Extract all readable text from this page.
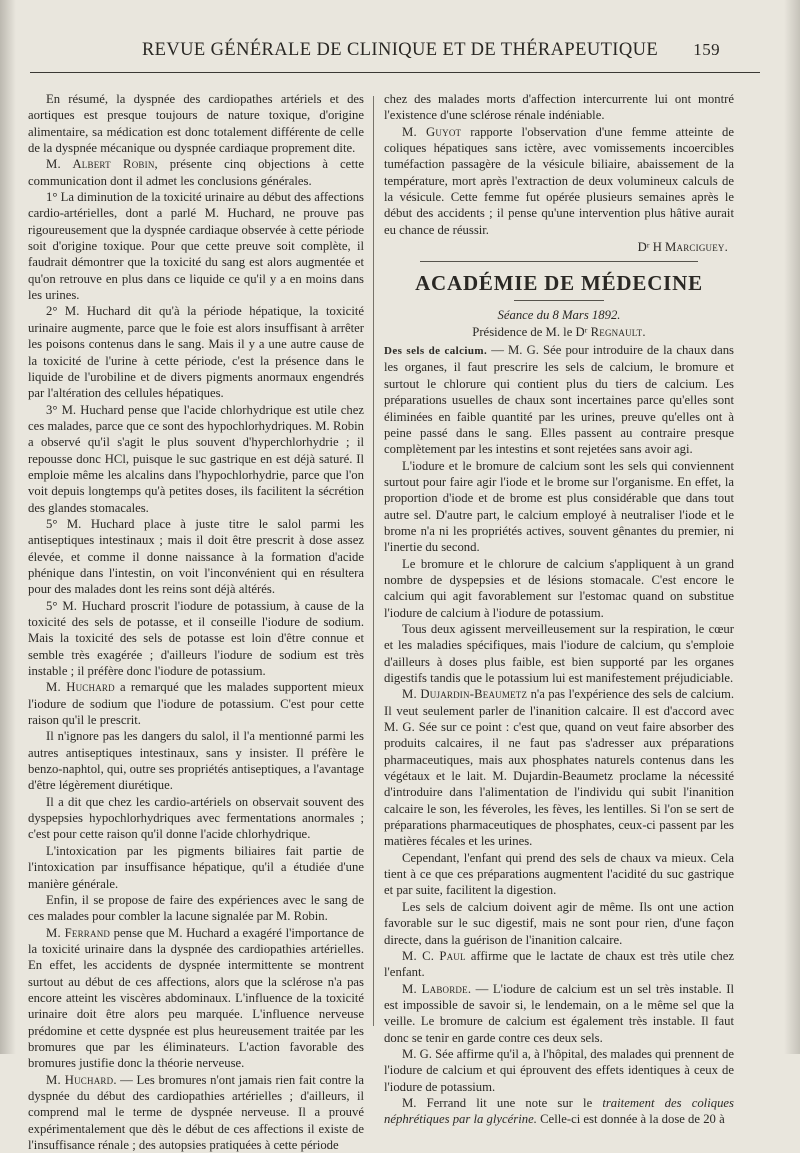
REVUE GÉNÉRALE DE CLINIQUE ET DE THÉRAPEUTIQUE 159

En résumé, la dyspnée des cardiopathes artériels et des aortiques est presque toujours de nature toxique, d'origine alimentaire, sa médication est donc totalement différente de celle de la dyspnée mécanique ou dyspnée cardiaque proprement dite.

M. Albert Robin, présente cinq objections à cette communication dont il admet les conclusions générales.

1° La diminution de la toxicité urinaire au début des affections cardio-artérielles, dont a parlé M. Huchard, ne prouve pas rigoureusement que la dyspnée cardiaque observée à cette période soit d'origine toxique. Pour que cette preuve soit complète, il faudrait démontrer que la toxicité du sang est alors augmentée et qu'on retrouve en plus dans ce liquide ce qu'il y a en moins dans les urines.

2° M. Huchard dit qu'à la période hépatique, la toxicité urinaire augmente, parce que le foie est alors insuffisant à arrêter les poisons contenus dans le sang. Mais il y a une autre cause de la toxicité de l'urine à cette période, c'est la présence dans le liquide de l'urobiline et de divers pigments anormaux engendrés par l'altération des cellules hépatiques.

3° M. Huchard pense que l'acide chlorhydrique est utile chez ces malades, parce que ce sont des hypochlorhydriques. M. Robin a observé qu'il s'agit le plus souvent d'hyperchlorhydrie ; il repousse donc HCl, puisque le suc gastrique en est déjà saturé. Il emploie même les alcalins dans l'hypochlorhydrie, parce que l'on voit depuis longtemps qu'à petites doses, ils facilitent la sécrétion des glandes stomacales.

5° M. Huchard place à juste titre le salol parmi les antiseptiques intestinaux ; mais il doit être prescrit à dose assez élevée, et comme il donne naissance à la formation d'acide phénique dans l'intestin, on voit l'inconvénient qui en résultera pour des malades dont les reins sont déjà altérés.

5° M. Huchard proscrit l'iodure de potassium, à cause de la toxicité des sels de potasse, et il conseille l'iodure de sodium. Mais la toxicité des sels de potasse est loin d'être connue et semble très exagérée ; d'ailleurs l'iodure de sodium est très instable ; il préfère donc l'iodure de potassium.

M. Huchard a remarqué que les malades supportent mieux l'iodure de sodium que l'iodure de potassium. C'est pour cette raison qu'il le prescrit.

Il n'ignore pas les dangers du salol, il l'a mentionné parmi les autres antiseptiques intestinaux, sans y insister. Il préfère le benzo-naphtol, qui, outre ses propriétés antiseptiques, a l'avantage d'être légèrement diurétique.

Il a dit que chez les cardio-artériels on observait souvent des dyspepsies hypochlorhydriques avec fermentations anormales ; c'est pour cette raison qu'il donne l'acide chlorhydrique.

L'intoxication par les pigments biliaires fait partie de l'intoxication par insuffisance hépatique, qu'il a étudiée d'une manière générale.

Enfin, il se propose de faire des expériences avec le sang de ces malades pour combler la lacune signalée par M. Robin.

M. Ferrand pense que M. Huchard a exagéré l'importance de la toxicité urinaire dans la dyspnée des cardiopathies artérielles. En effet, les accidents de dyspnée intermittente se montrent surtout au début de ces affections, alors que la sclérose n'a pas encore atteint les viscères abdominaux. L'influence de la toxicité urinaire doit être alors peu marquée. L'influence nerveuse prédomine et cette dyspnée est plus heureusement traitée par les bromures que par les éliminateurs. L'action favorable des bromures justifie donc la théorie nerveuse.

M. Huchard. — Les bromures n'ont jamais rien fait contre la dyspnée du début des cardiopathies artérielles ; d'ailleurs, il comprend mal le terme de dyspnée nerveuse. Il a prouvé expérimentalement que dès le début de ces affections il existe de l'insuffisance rénale ; des autopsies pratiquées à cette période

chez des malades morts d'affection intercurrente lui ont montré l'existence d'une sclérose rénale indéniable.

M. Guyot rapporte l'observation d'une femme atteinte de coliques hépatiques sans ictère, avec vomissements incoercibles tuméfaction passagère de la vésicule biliaire, abaissement de la température, mort après l'extraction de deux volumineux calculs de la vésicule. Cette femme fut opérée plusieurs semaines après le début des accidents ; il pense qu'une intervention plus hâtive aurait eu chance de réussir.

Dʳ H Marciguey.
ACADÉMIE DE MÉDECINE
Séance du 8 Mars 1892.
Présidence de M. le Dʳ Regnault.

Des sels de calcium. — M. G. Sée pour introduire de la chaux dans les organes, il faut prescrire les sels de calcium, le bromure et surtout le chlorure qui contient plus du tiers de calcium. Les préparations usuelles de chaux sont incertaines parce qu'elles sont éliminées en faible quantité par les urines, preuve qu'elles ont à peine passé dans le sang. Elles passent au contraire presque complètement par les intestins et sont rejetées sans avoir agi.

L'iodure et le bromure de calcium sont les sels qui conviennent surtout pour faire agir l'iode et le brome sur l'organisme. En effet, la proportion d'iode et de brome est plus considérable que dans tout autre sel. D'autre part, le calcium employé à neutraliser l'iode et le brome n'a ni les propriétés actives, souvent gênantes du premier, ni l'inertie du second.

Le bromure et le chlorure de calcium s'appliquent à un grand nombre de dyspepsies et de lésions stomacale. C'est encore le calcium qui agit favorablement sur l'estomac quand on substitue l'iodure de calcium à l'iodure de potassium.

Tous deux agissent merveilleusement sur la respiration, le cœur et les maladies spécifiques, mais l'iodure de calcium, qu s'emploie d'ailleurs à doses plus faible, est bien supporté par les organes digestifs tandis que le potassium lui est manifestement préjudiciable.

M. Dujardin-Beaumetz n'a pas l'expérience des sels de calcium. Il veut seulement parler de l'inanition calcaire. Il est d'accord avec M. G. Sée sur ce point : c'est que, quand on veut faire absorber des produits calcaires, il ne faut pas s'adresser aux préparations pharmaceutiques, mais aux phosphates naturels contenus dans les végétaux et le lait. M. Dujardin-Beaumetz proclame la nécessité d'introduire dans l'alimentation de l'individu qui subit l'inanition calcaire le son, les féveroles, les fèves, les lentilles. Si l'on se sert de préparations pharmaceutiques de phosphates, ceux-ci passent par les matières fécales et les urines.

Cependant, l'enfant qui prend des sels de chaux va mieux. Cela tient à ce que ces préparations augmentent l'acidité du suc gastrique et par suite, facilitent la digestion.

Les sels de calcium doivent agir de même. Ils ont une action favorable sur le suc digestif, mais ne sont pour rien, d'une façon directe, dans la guérison de l'inanition calcaire.

M. C. Paul affirme que le lactate de chaux est très utile chez l'enfant.

M. Laborde. — L'iodure de calcium est un sel très instable. Il est impossible de savoir si, le lendemain, on a le même sel que la veille. Le bromure de calcium est également très instable. Il faut donc se tenir en garde contre ces deux sels.

M. G. Sée affirme qu'il a, à l'hôpital, des malades qui prennent de l'iodure de calcium et qui éprouvent des effets identiques à ceux de l'iodure de potassium.

M. Ferrand lit une note sur le traitement des coliques néphrétiques par la glycérine. Celle-ci est donnée à la dose de 20 à
